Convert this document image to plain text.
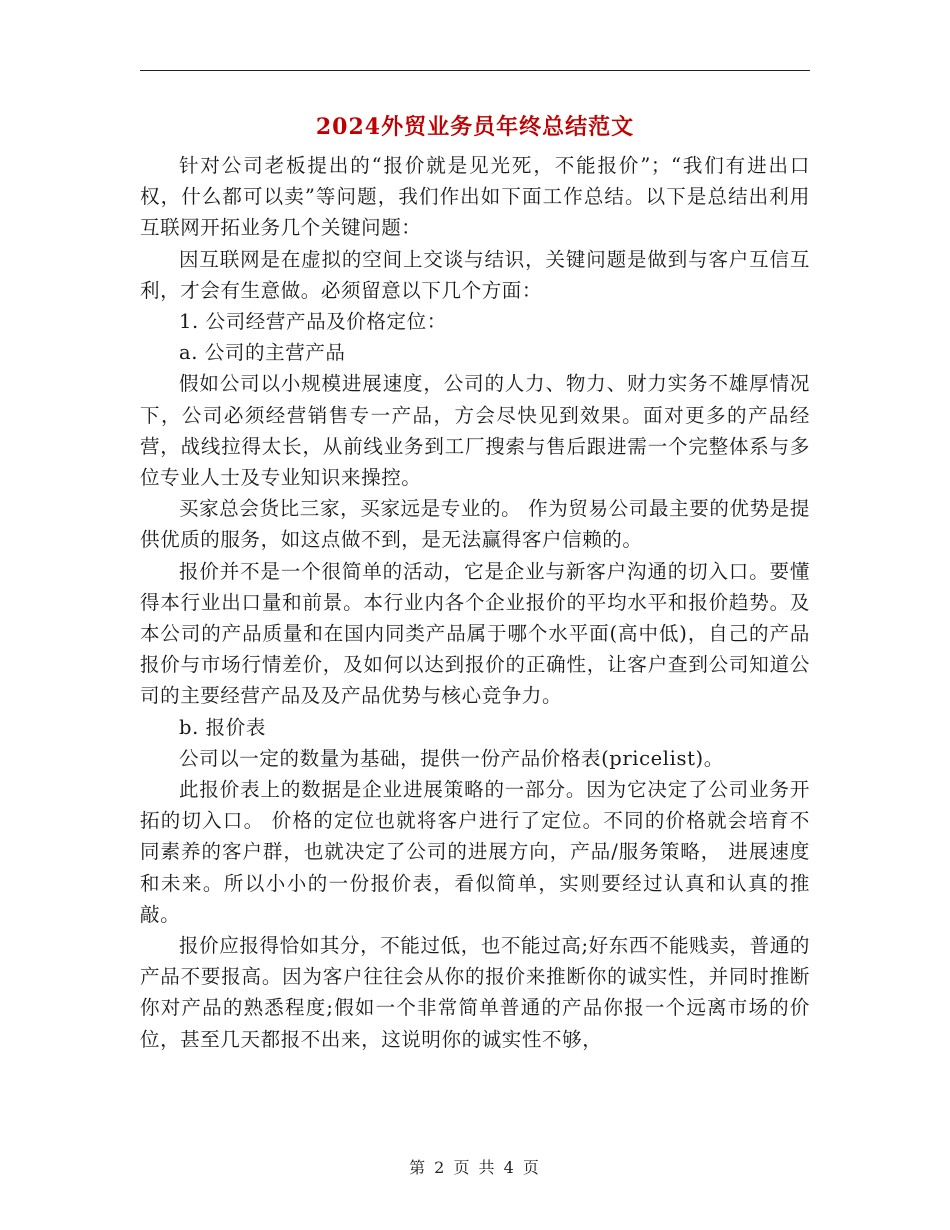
2024外贸业务员年终总结范文

针对公司老板提出的“报价就是见光死，不能报价”；“我们有进出口权，什么都可以卖”等问题，我们作出如下面工作总结。以下是总结出利用互联网开拓业务几个关键问题：

因互联网是在虚拟的空间上交谈与结识，关键问题是做到与客户互信互利，才会有生意做。必须留意以下几个方面：

1. 公司经营产品及价格定位：

a. 公司的主营产品

假如公司以小规模进展速度，公司的人力、物力、财力实务不雄厚情况下，公司必须经营销售专一产品，方会尽快见到效果。面对更多的产品经营，战线拉得太长，从前线业务到工厂搜索与售后跟进需一个完整体系与多位专业人士及专业知识来操控。

买家总会货比三家，买家远是专业的。 作为贸易公司最主要的优势是提供优质的服务，如这点做不到，是无法赢得客户信赖的。

报价并不是一个很简单的活动，它是企业与新客户沟通的切入口。要懂得本行业出口量和前景。本行业内各个企业报价的平均水平和报价趋势。及本公司的产品质量和在国内同类产品属于哪个水平面(高中低)，自己的产品报价与市场行情差价，及如何以达到报价的正确性，让客户查到公司知道公司的主要经营产品及及产品优势与核心竞争力。

b. 报价表

公司以一定的数量为基础，提供一份产品价格表(pricelist)。

此报价表上的数据是企业进展策略的一部分。因为它决定了公司业务开拓的切入口。 价格的定位也就将客户进行了定位。不同的价格就会培育不同素养的客户群，也就决定了公司的进展方向，产品/服务策略， 进展速度和未来。所以小小的一份报价表，看似简单，实则要经过认真和认真的推敲。

报价应报得恰如其分，不能过低，也不能过高;好东西不能贱卖，普通的产品不要报高。因为客户往往会从你的报价来推断你的诚实性，并同时推断你对产品的熟悉程度;假如一个非常简单普通的产品你报一个远离市场的价位，甚至几天都报不出来，这说明你的诚实性不够，

第 2 页 共 4 页
